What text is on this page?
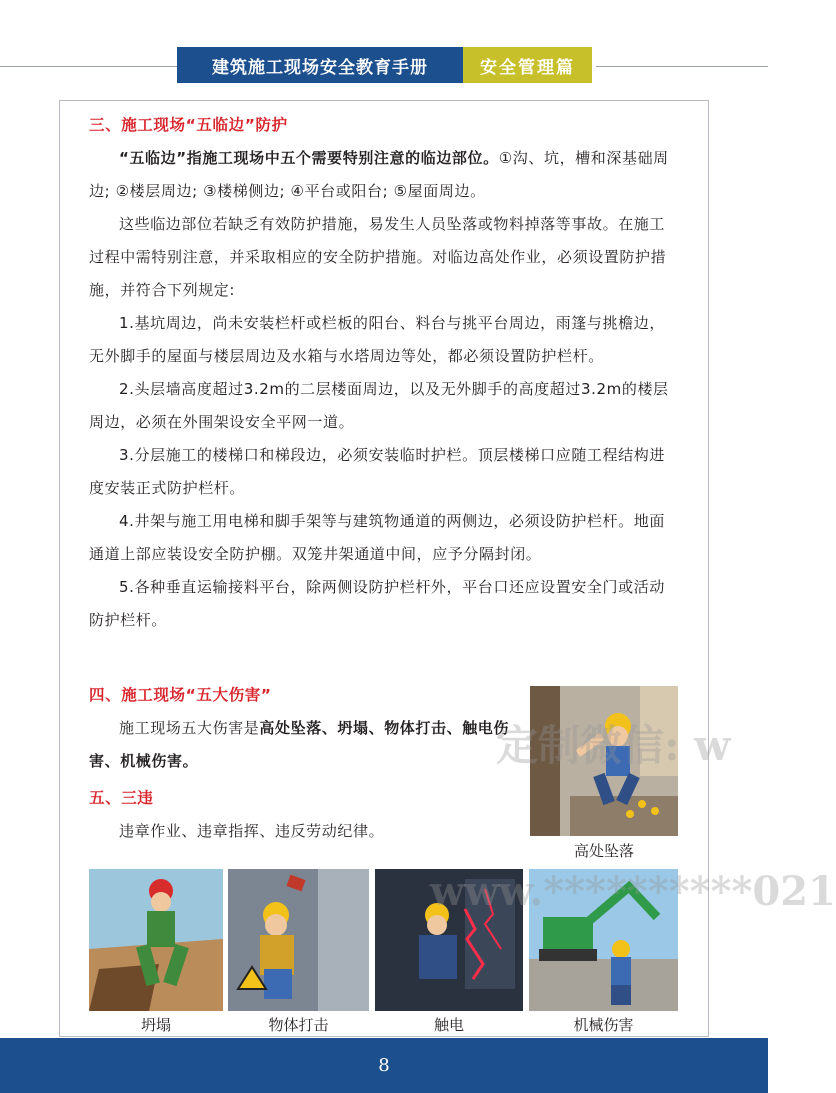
建筑施工现场安全教育手册	安全管理篇

三、施工现场“五临边”防护

“五临边”指施工现场中五个需要特别注意的临边部位。①沟、坑，槽和深基础周边; ②楼层周边; ③楼梯侧边; ④平台或阳台; ⑤屋面周边。

这些临边部位若缺乏有效防护措施，易发生人员坠落或物料掉落等事故。在施工过程中需特别注意，并采取相应的安全防护措施。对临边高处作业，必须设置防护措施，并符合下列规定:

1.基坑周边，尚未安装栏杆或栏板的阳台、料台与挑平台周边，雨篷与挑檐边，无外脚手的屋面与楼层周边及水箱与水塔周边等处，都必须设置防护栏杆。

2.头层墙高度超过3.2m的二层楼面周边，以及无外脚手的高度超过3.2m的楼层周边，必须在外围架设安全平网一道。

3.分层施工的楼梯口和梯段边，必须安装临时护栏。顶层楼梯口应随工程结构进度安装正式防护栏杆。

4.井架与施工用电梯和脚手架等与建筑物通道的两侧边，必须设防护栏杆。地面通道上部应装设安全防护棚。双笼井架通道中间，应予分隔封闭。

5.各种垂直运输接料平台，除两侧设防护栏杆外，平台口还应设置安全门或活动防护栏杆。

四、施工现场“五大伤害”

施工现场五大伤害是高处坠落、坍塌、物体打击、触电伤害、机械伤害。

五、三违

违章作业、违章指挥、违反劳动纪律。

高处坠落
坍塌	物体打击	触电	机械伤害
定制微信: w
www.**********021
8
